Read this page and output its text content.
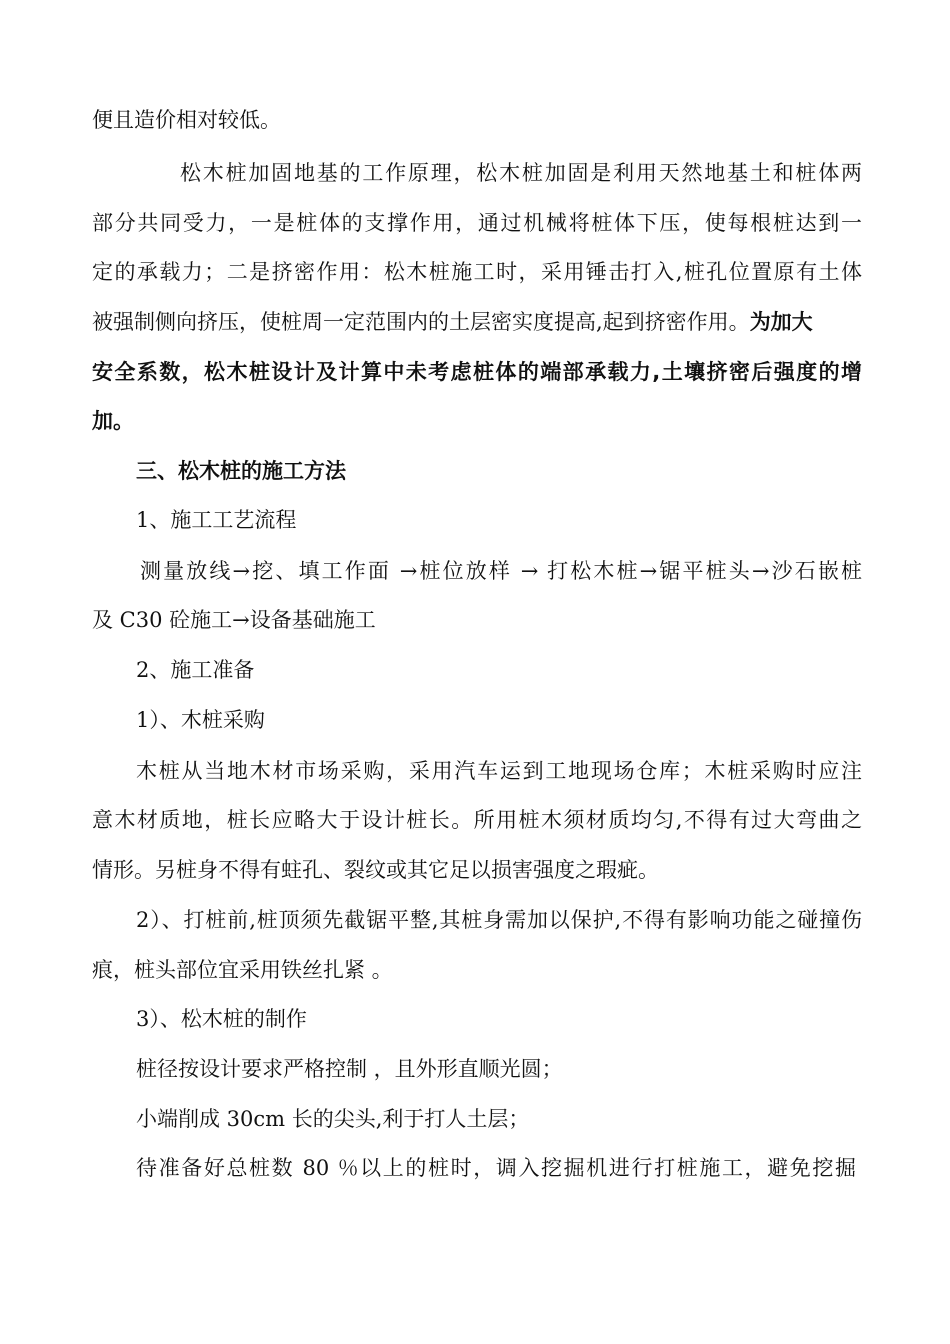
便且造价相对较低。
松木桩加固地基的工作原理，松木桩加固是利用天然地基土和桩体两
部分共同受力，一是桩体的支撑作用，通过机械将桩体下压，使每根桩达到一
定的承载力；二是挤密作用：松木桩施工时，采用锤击打入,桩孔位置原有土体
被强制侧向挤压，使桩周一定范围内的土层密实度提高,起到挤密作用。为加大
安全系数，松木桩设计及计算中未考虑桩体的端部承载力,土壤挤密后强度的增
加。
三、松木桩的施工方法
1、施工工艺流程
测量放线→挖、填工作面 →桩位放样 → 打松木桩→锯平桩头→沙石嵌桩
及 C30 砼施工→设备基础施工
2、施工准备
1）、木桩采购
木桩从当地木材市场采购，采用汽车运到工地现场仓库；木桩采购时应注
意木材质地，桩长应略大于设计桩长。所用桩木须材质均匀,不得有过大弯曲之
情形。另桩身不得有蛀孔、裂纹或其它足以损害强度之瑕疵。
2）、打桩前,桩顶须先截锯平整,其桩身需加以保护,不得有影响功能之碰撞伤
痕，桩头部位宜采用铁丝扎紧 。
3）、松木桩的制作
桩径按设计要求严格控制 ，且外形直顺光圆；
小端削成 30cm 长的尖头,利于打人土层；
待准备好总桩数 80 ％以上的桩时，调入挖掘机进行打桩施工，避免挖掘
